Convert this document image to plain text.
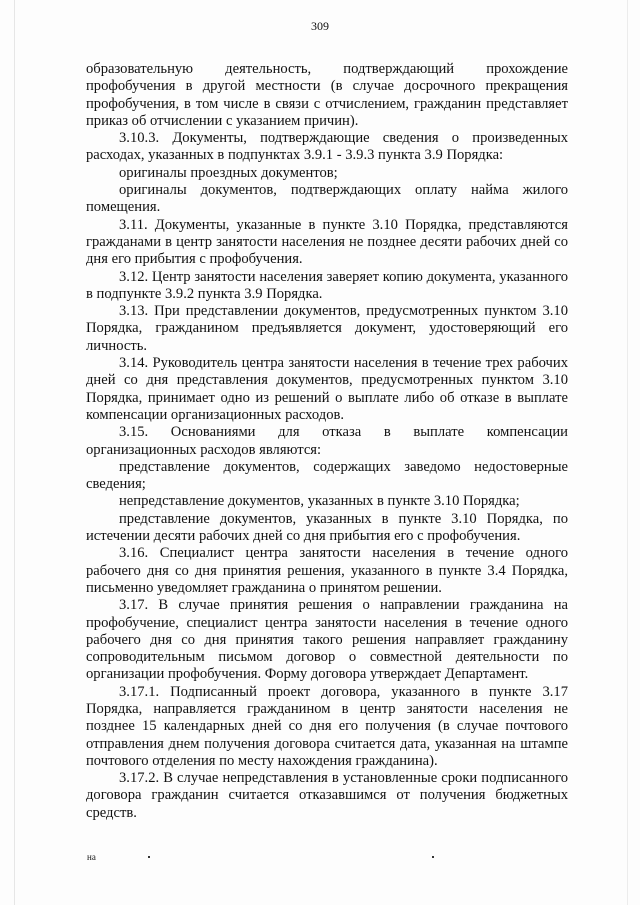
309

образовательную деятельность, подтверждающий прохождение профобучения в другой местности (в случае досрочного прекращения профобучения, в том числе в связи с отчислением, гражданин представляет приказ об отчислении с указанием причин).

3.10.3. Документы, подтверждающие сведения о произведенных расходах, указанных в подпунктах 3.9.1 - 3.9.3 пункта 3.9 Порядка:

оригиналы проездных документов;

оригиналы документов, подтверждающих оплату найма жилого помещения.

3.11. Документы, указанные в пункте 3.10 Порядка, представляются гражданами в центр занятости населения не позднее десяти рабочих дней со дня его прибытия с профобучения.

3.12. Центр занятости населения заверяет копию документа, указанного в подпункте 3.9.2 пункта 3.9 Порядка.

3.13. При представлении документов, предусмотренных пунктом 3.10 Порядка, гражданином предъявляется документ, удостоверяющий его личность.

3.14. Руководитель центра занятости населения в течение трех рабочих дней со дня представления документов, предусмотренных пунктом 3.10 Порядка, принимает одно из решений о выплате либо об отказе в выплате компенсации организационных расходов.

3.15. Основаниями для отказа в выплате компенсации организационных расходов являются:

представление документов, содержащих заведомо недостоверные сведения;

непредставление документов, указанных в пункте 3.10 Порядка;

представление документов, указанных в пункте 3.10 Порядка, по истечении десяти рабочих дней со дня прибытия его с профобучения.

3.16. Специалист центра занятости населения в течение одного рабочего дня со дня принятия решения, указанного в пункте 3.4 Порядка, письменно уведомляет гражданина о принятом решении.

3.17. В случае принятия решения о направлении гражданина на профобучение, специалист центра занятости населения в течение одного рабочего дня со дня принятия такого решения направляет гражданину сопроводительным письмом договор о совместной деятельности по организации профобучения. Форму договора утверждает Департамент.

3.17.1. Подписанный проект договора, указанного в пункте 3.17 Порядка, направляется гражданином в центр занятости населения не позднее 15 календарных дней со дня его получения (в случае почтового отправления днем получения договора считается дата, указанная на штампе почтового отделения по месту нахождения гражданина).

3.17.2. В случае непредставления в установленные сроки подписанного договора гражданин считается отказавшимся от получения бюджетных средств.

на
